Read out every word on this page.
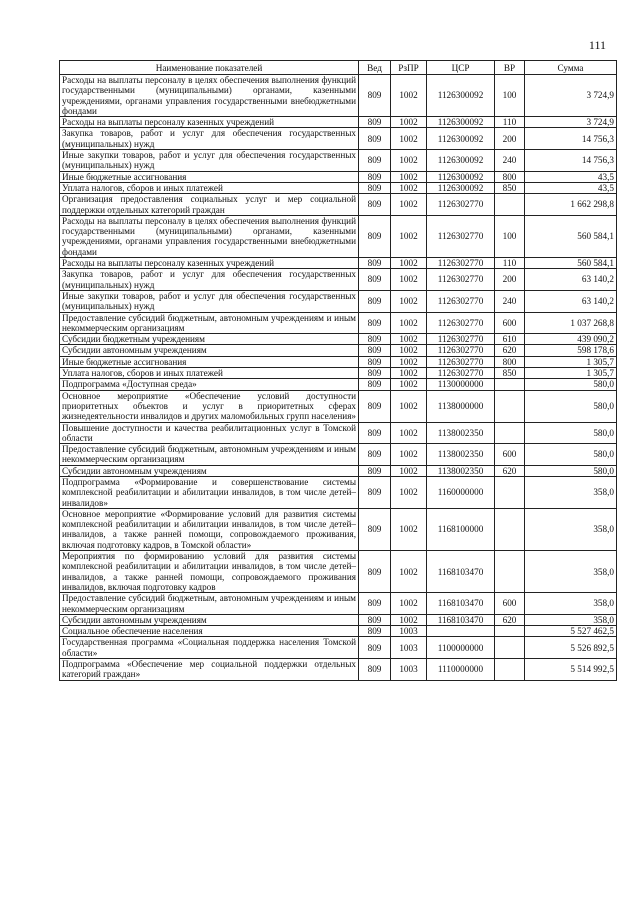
111
Наименование показателей	Вед	РзПР	ЦСР	ВР	Сумма
Расходы на выплаты персоналу в целях обеспечения выполнения функций государственными (муниципальными) органами, казенными учреждениями, органами управления государственными внебюджетными фондами	809	1002	1126300092	100	3 724,9
Расходы на выплаты персоналу казенных учреждений	809	1002	1126300092	110	3 724,9
Закупка товаров, работ и услуг для обеспечения государственных (муниципальных) нужд	809	1002	1126300092	200	14 756,3
Иные закупки товаров, работ и услуг для обеспечения государственных (муниципальных) нужд	809	1002	1126300092	240	14 756,3
Иные бюджетные ассигнования	809	1002	1126300092	800	43,5
Уплата налогов, сборов и иных платежей	809	1002	1126300092	850	43,5
Организация предоставления социальных услуг и мер социальной поддержки отдельных категорий граждан	809	1002	1126302770		1 662 298,8
Расходы на выплаты персоналу в целях обеспечения выполнения функций государственными (муниципальными) органами, казенными учреждениями, органами управления государственными внебюджетными фондами	809	1002	1126302770	100	560 584,1
Расходы на выплаты персоналу казенных учреждений	809	1002	1126302770	110	560 584,1
Закупка товаров, работ и услуг для обеспечения государственных (муниципальных) нужд	809	1002	1126302770	200	63 140,2
Иные закупки товаров, работ и услуг для обеспечения государственных (муниципальных) нужд	809	1002	1126302770	240	63 140,2
Предоставление субсидий бюджетным, автономным учреждениям и иным некоммерческим организациям	809	1002	1126302770	600	1 037 268,8
Субсидии бюджетным учреждениям	809	1002	1126302770	610	439 090,2
Субсидии автономным учреждениям	809	1002	1126302770	620	598 178,6
Иные бюджетные ассигнования	809	1002	1126302770	800	1 305,7
Уплата налогов, сборов и иных платежей	809	1002	1126302770	850	1 305,7
Подпрограмма «Доступная среда»	809	1002	1130000000		580,0
Основное мероприятие «Обеспечение условий доступности приоритетных объектов и услуг в приоритетных сферах жизнедеятельности инвалидов и других маломобильных групп населения»	809	1002	1138000000		580,0
Повышение доступности и качества реабилитационных услуг в Томской области	809	1002	1138002350		580,0
Предоставление субсидий бюджетным, автономным учреждениям и иным некоммерческим организациям	809	1002	1138002350	600	580,0
Субсидии автономным учреждениям	809	1002	1138002350	620	580,0
Подпрограмма «Формирование и совершенствование системы комплексной реабилитации и абилитации инвалидов, в том числе детей–инвалидов»	809	1002	1160000000		358,0
Основное мероприятие «Формирование условий для развития системы комплексной реабилитации и абилитации инвалидов, в том числе детей–инвалидов, а также ранней помощи, сопровождаемого проживания, включая подготовку кадров, в Томской области»	809	1002	1168100000		358,0
Мероприятия по формированию условий для развития системы комплексной реабилитации и абилитации инвалидов, в том числе детей–инвалидов, а также ранней помощи, сопровождаемого проживания инвалидов, включая подготовку кадров	809	1002	1168103470		358,0
Предоставление субсидий бюджетным, автономным учреждениям и иным некоммерческим организациям	809	1002	1168103470	600	358,0
Субсидии автономным учреждениям	809	1002	1168103470	620	358,0
Социальное обеспечение населения	809	1003			5 527 462,5
Государственная программа «Социальная поддержка населения Томской области»	809	1003	1100000000		5 526 892,5
Подпрограмма «Обеспечение мер социальной поддержки отдельных категорий граждан»	809	1003	1110000000		5 514 992,5
